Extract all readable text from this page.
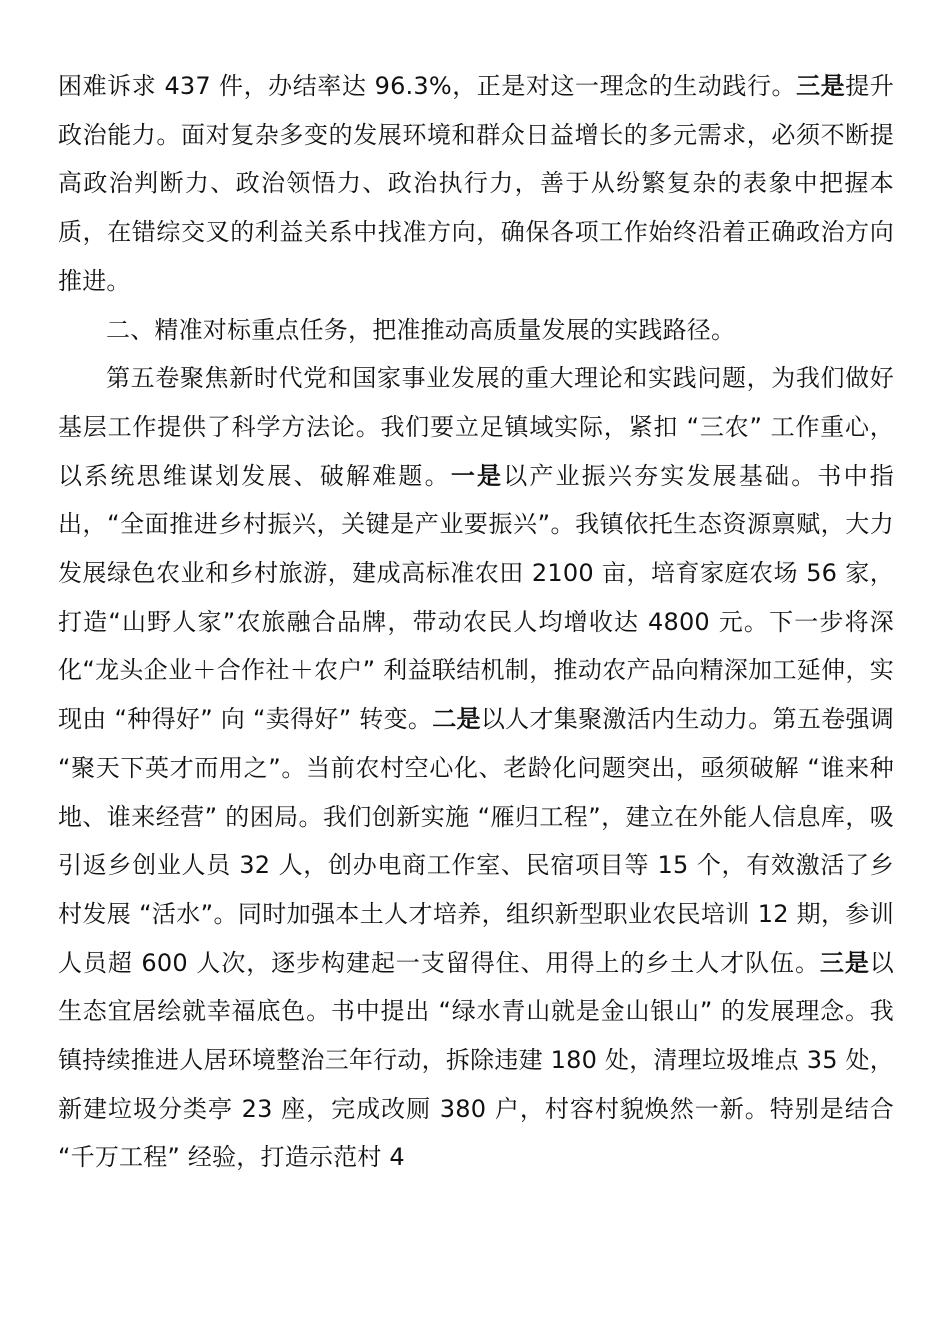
困难诉求 437 件，办结率达 96.3%，正是对这一理念的生动践行。三是提升政治能力。面对复杂多变的发展环境和群众日益增长的多元需求，必须不断提高政治判断力、政治领悟力、政治执行力，善于从纷繁复杂的表象中把握本质，在错综交叉的利益关系中找准方向，确保各项工作始终沿着正确政治方向推进。

二、精准对标重点任务，把准推动高质量发展的实践路径。

第五卷聚焦新时代党和国家事业发展的重大理论和实践问题，为我们做好基层工作提供了科学方法论。我们要立足镇域实际，紧扣 “三农” 工作重心，以系统思维谋划发展、破解难题。一是以产业振兴夯实发展基础。书中指出，“全面推进乡村振兴，关键是产业要振兴”。我镇依托生态资源禀赋，大力发展绿色农业和乡村旅游，建成高标准农田 2100 亩，培育家庭农场 56 家，打造“山野人家”农旅融合品牌，带动农民人均增收达 4800 元。下一步将深化“龙头企业＋合作社＋农户” 利益联结机制，推动农产品向精深加工延伸，实现由 “种得好” 向 “卖得好” 转变。二是以人才集聚激活内生动力。第五卷强调 “聚天下英才而用之”。当前农村空心化、老龄化问题突出，亟须破解 “谁来种地、谁来经营” 的困局。我们创新实施 “雁归工程”，建立在外能人信息库，吸引返乡创业人员 32 人，创办电商工作室、民宿项目等 15 个，有效激活了乡村发展 “活水”。同时加强本土人才培养，组织新型职业农民培训 12 期，参训人员超 600 人次，逐步构建起一支留得住、用得上的乡土人才队伍。三是以生态宜居绘就幸福底色。书中提出 “绿水青山就是金山银山” 的发展理念。我镇持续推进人居环境整治三年行动，拆除违建 180 处，清理垃圾堆点 35 处，新建垃圾分类亭 23 座，完成改厕 380 户，村容村貌焕然一新。特别是结合 “千万工程” 经验，打造示范村 4
